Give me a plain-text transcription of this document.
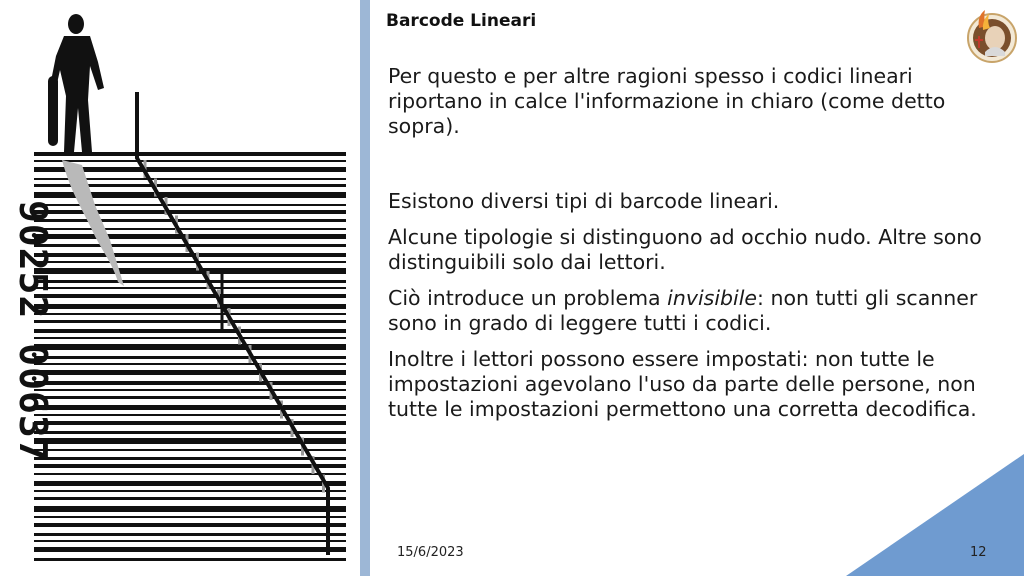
90252 00637
Barcode Lineari

Per questo e per altre ragioni spesso i codici lineari riportano in calce l'informazione in chiaro (come detto sopra).

Esistono diversi tipi di barcode lineari.

Alcune tipologie si distinguono ad occhio nudo. Altre sono distinguibili solo dai lettori.

Ciò introduce un problema invisibile: non tutti gli scanner sono in grado di leggere tutti i codici.

Inoltre i lettori possono essere impostati: non tutte le impostazioni agevolano l'uso da parte delle persone, non tutte le impostazioni permettono una corretta decodifica.

15/6/2023	12
